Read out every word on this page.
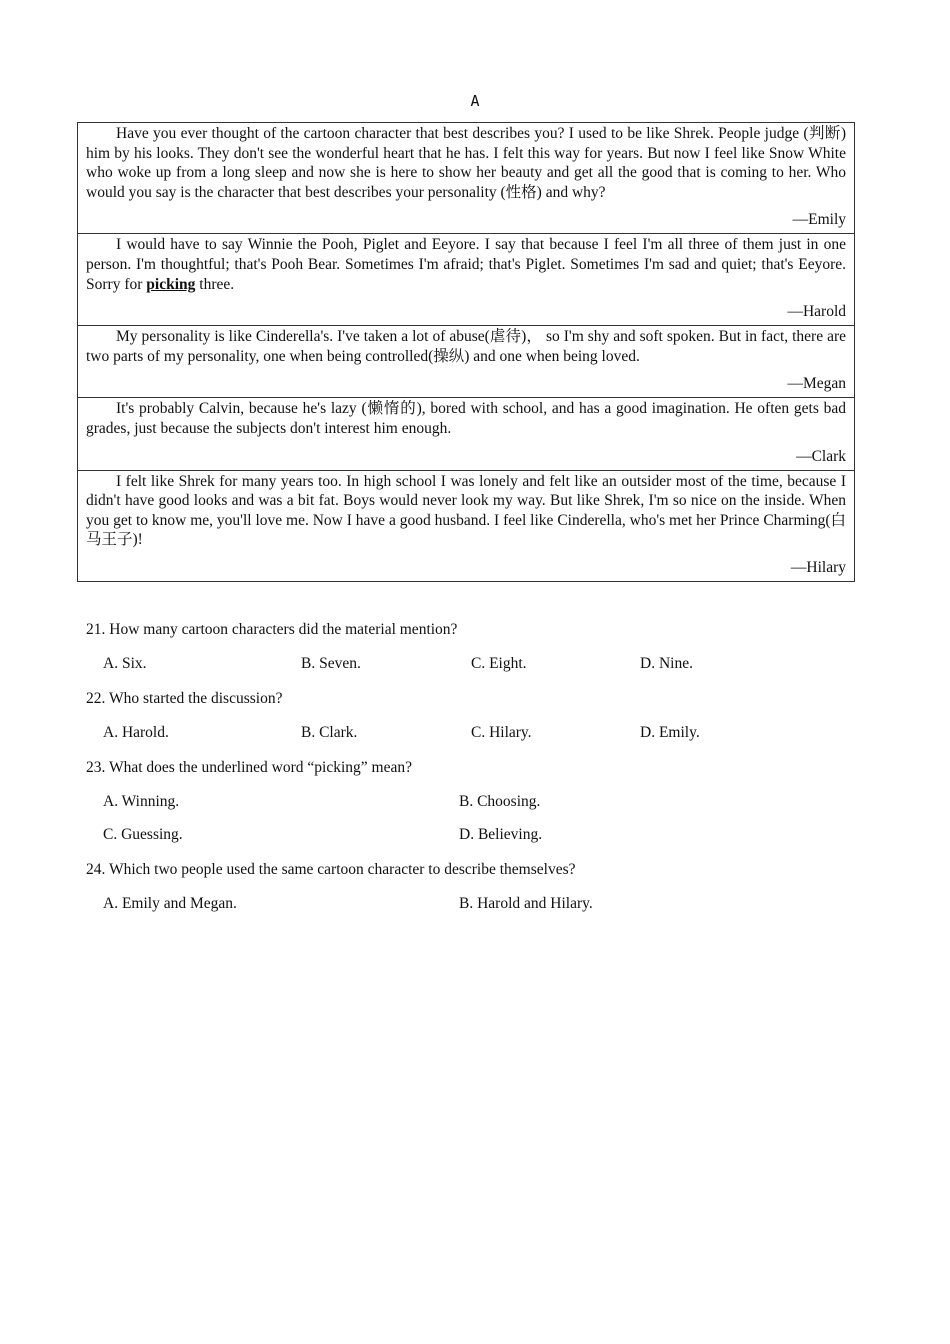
A

Have you ever thought of the cartoon character that best describes you? I used to be like Shrek. People judge (判断) him by his looks. They don't see the wonderful heart that he has. I felt this way for years. But now I feel like Snow White who woke up from a long sleep and now she is here to show her beauty and get all the good that is coming to her. Who would you say is the character that best describes your personality (性格) and why?

—Emily

I would have to say Winnie the Pooh, Piglet and Eeyore. I say that because I feel I'm all three of them just in one person. I'm thoughtful; that's Pooh Bear. Sometimes I'm afraid; that's Piglet. Sometimes I'm sad and quiet; that's Eeyore. Sorry for picking three.

—Harold

My personality is like Cinderella's. I've taken a lot of abuse(虐待)， so I'm shy and soft spoken. But in fact, there are two parts of my personality, one when being controlled(操纵) and one when being loved.

—Megan

It's probably Calvin, because he's lazy (懒惰的), bored with school, and has a good imagination. He often gets bad grades, just because the subjects don't interest him enough.

—Clark

I felt like Shrek for many years too. In high school I was lonely and felt like an outsider most of the time, because I didn't have good looks and was a bit fat. Boys would never look my way. But like Shrek, I'm so nice on the inside. When you get to know me, you'll love me. Now I have a good husband. I feel like Cinderella, who's met her Prince Charming(白马王子)!

—Hilary
21. How many cartoon characters did the material mention?
A. Six.	B. Seven.	C. Eight.	D. Nine.
22. Who started the discussion?
A. Harold.	B. Clark.	C. Hilary.	D. Emily.
23. What does the underlined word “picking” mean?
A. Winning.	B. Choosing.
C. Guessing.	D. Believing.
24. Which two people used the same cartoon character to describe themselves?
A. Emily and Megan.	B. Harold and Hilary.
